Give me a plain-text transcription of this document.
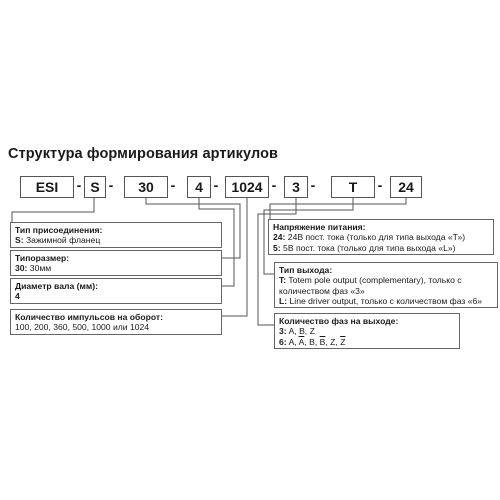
Структура формирования артикулов
ESI	- S -	30	-	4 - 1024 -	3 -	T	-	24
Тип присоединения:
S: Зажимной фланец
Типоразмер:
30: 30мм
Диаметр вала (мм):
4
Количество импульсов на оборот:
100, 200, 360, 500, 1000 или 1024
Напряжение питания:
24: 24В пост. тока (только для типа выхода «Т»)
5: 5В пост. тока (только для типа выхода «L»)
Тип выхода:
T: Totem pole output (complementary), только с
количеством фаз «3»
L: Line driver output, только с количеством фаз «6»
Количество фаз на выходе:
3: A, B, Z
6: A, $\overline{A}$, B, $\overline{B}$, Z, $\overline{Z}$
